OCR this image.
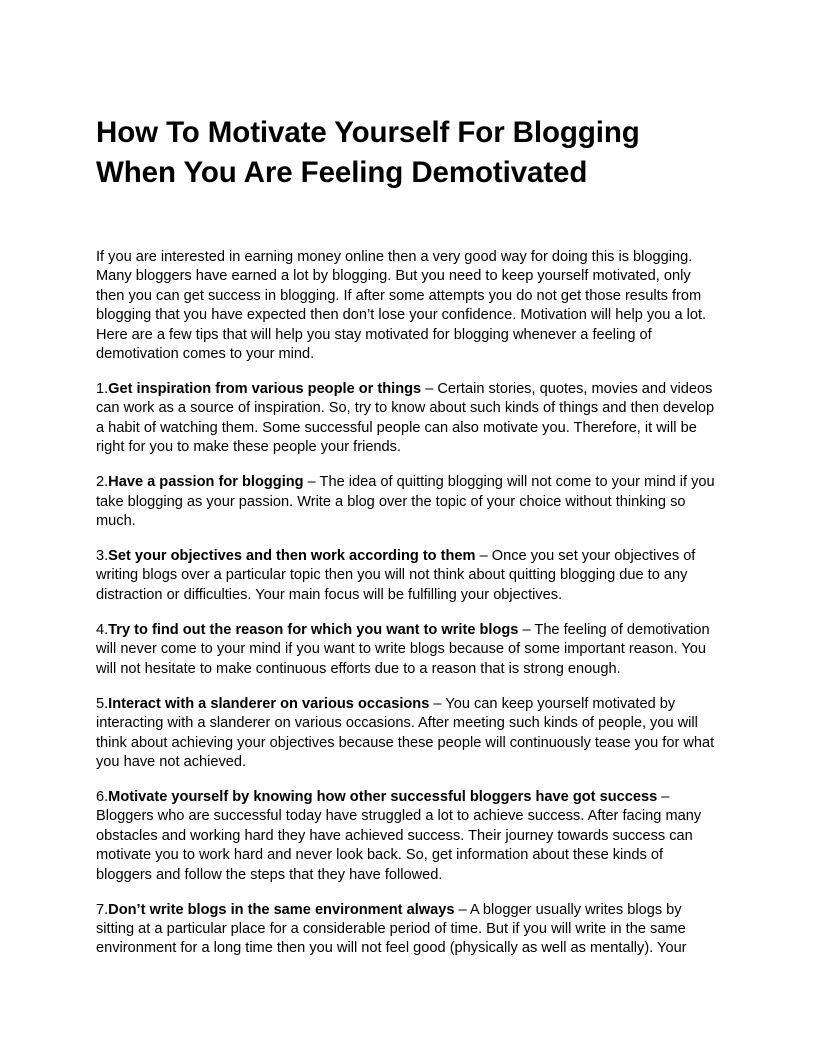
How To Motivate Yourself For Blogging
When You Are Feeling Demotivated

If you are interested in earning money online then a very good way for doing this is blogging. Many bloggers have earned a lot by blogging. But you need to keep yourself motivated, only then you can get success in blogging. If after some attempts you do not get those results from blogging that you have expected then don’t lose your confidence. Motivation will help you a lot. Here are a few tips that will help you stay motivated for blogging whenever a feeling of demotivation comes to your mind.

1.Get inspiration from various people or things – Certain stories, quotes, movies and videos can work as a source of inspiration. So, try to know about such kinds of things and then develop a habit of watching them. Some successful people can also motivate you. Therefore, it will be right for you to make these people your friends.

2.Have a passion for blogging – The idea of quitting blogging will not come to your mind if you take blogging as your passion. Write a blog over the topic of your choice without thinking so much.

3.Set your objectives and then work according to them – Once you set your objectives of writing blogs over a particular topic then you will not think about quitting blogging due to any distraction or difficulties. Your main focus will be fulfilling your objectives.

4.Try to find out the reason for which you want to write blogs – The feeling of demotivation will never come to your mind if you want to write blogs because of some important reason. You will not hesitate to make continuous efforts due to a reason that is strong enough.

5.Interact with a slanderer on various occasions – You can keep yourself motivated by interacting with a slanderer on various occasions. After meeting such kinds of people, you will think about achieving your objectives because these people will continuously tease you for what you have not achieved.

6.Motivate yourself by knowing how other successful bloggers have got success – Bloggers who are successful today have struggled a lot to achieve success. After facing many obstacles and working hard they have achieved success. Their journey towards success can motivate you to work hard and never look back. So, get information about these kinds of bloggers and follow the steps that they have followed.

7.Don’t write blogs in the same environment always – A blogger usually writes blogs by sitting at a particular place for a considerable period of time. But if you will write in the same environment for a long time then you will not feel good (physically as well as mentally). Your
